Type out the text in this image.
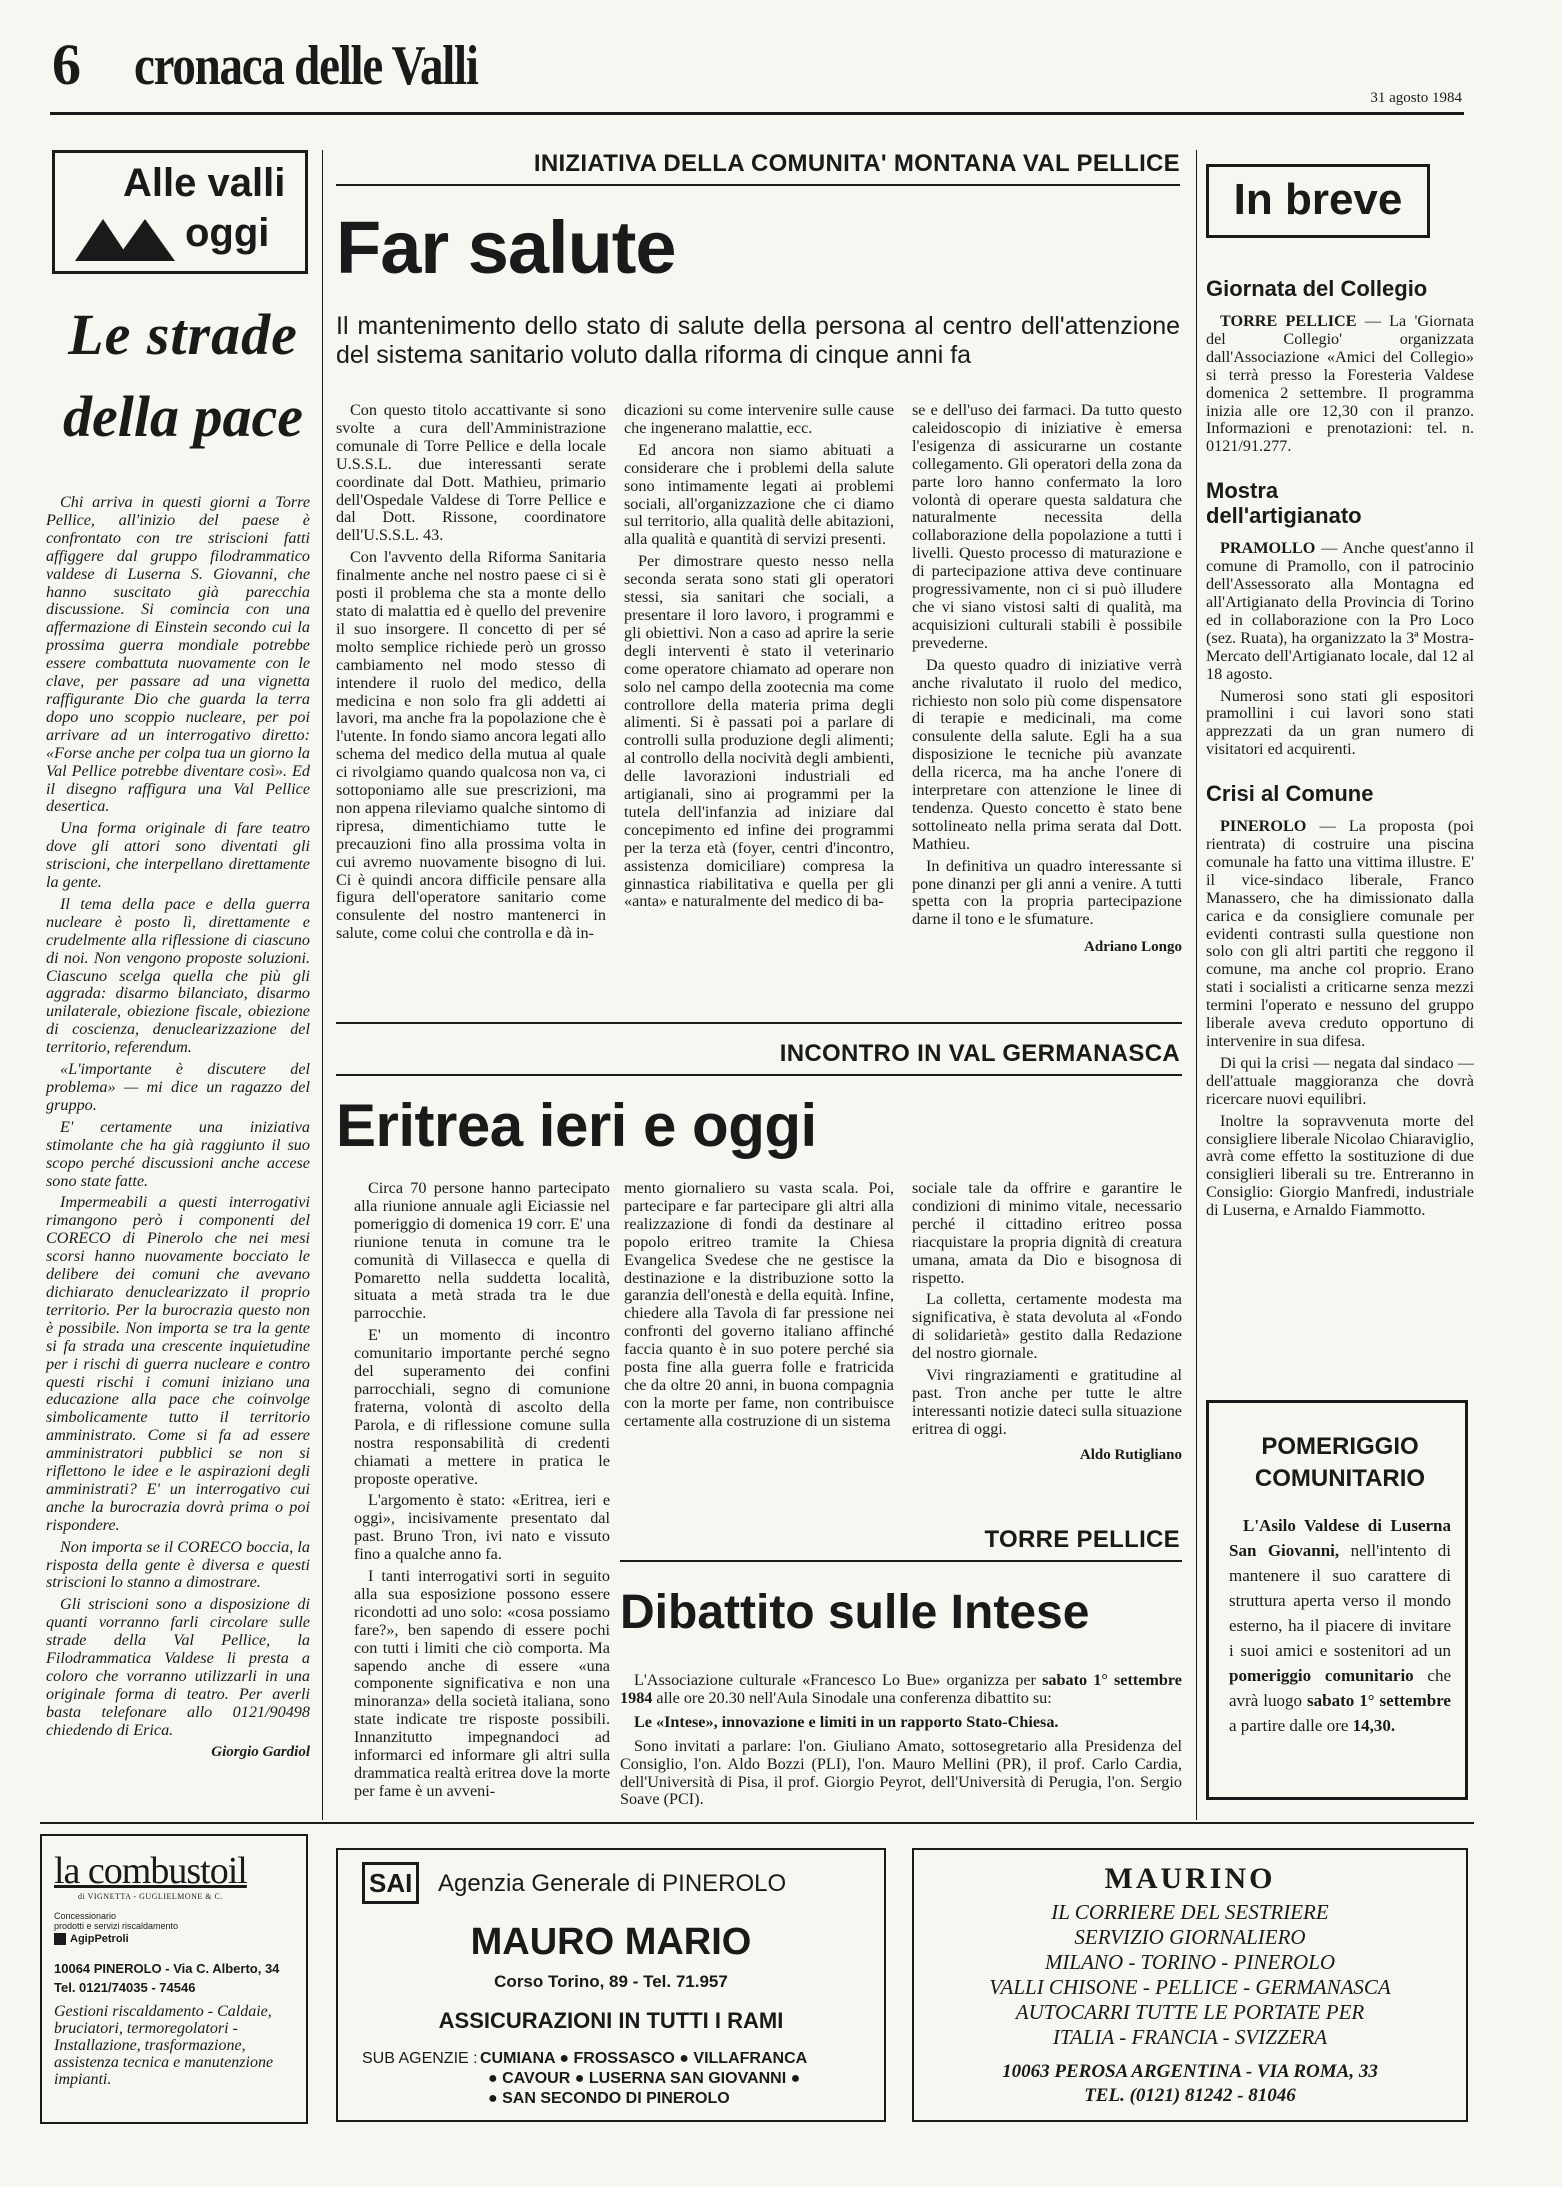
6 cronaca delle Valli
31 agosto 1984
Alle valli
oggi
Le strade
della pace

Chi arriva in questi giorni a Torre Pellice, all'inizio del paese è confrontato con tre striscioni fatti affiggere dal gruppo filodrammatico valdese di Luserna S. Giovanni, che hanno suscitato già parecchia discussione. Si comincia con una affermazione di Einstein secondo cui la prossima guerra mondiale potrebbe essere combattuta nuovamente con le clave, per passare ad una vignetta raffigurante Dio che guarda la terra dopo uno scoppio nucleare, per poi arrivare ad un interrogativo diretto: «Forse anche per colpa tua un giorno la Val Pellice potrebbe diventare così». Ed il disegno raffigura una Val Pellice desertica.

Una forma originale di fare teatro dove gli attori sono diventati gli striscioni, che interpellano direttamente la gente.

Il tema della pace e della guerra nucleare è posto lì, direttamente e crudelmente alla riflessione di ciascuno di noi. Non vengono proposte soluzioni. Ciascuno scelga quella che più gli aggrada: disarmo bilanciato, disarmo unilaterale, obiezione fiscale, obiezione di coscienza, denuclearizzazione del territorio, referendum.

«L'importante è discutere del problema» — mi dice un ragazzo del gruppo.

E' certamente una iniziativa stimolante che ha già raggiunto il suo scopo perché discussioni anche accese sono state fatte.

Impermeabili a questi interrogativi rimangono però i componenti del CORECO di Pinerolo che nei mesi scorsi hanno nuovamente bocciato le delibere dei comuni che avevano dichiarato denuclearizzato il proprio territorio. Per la burocrazia questo non è possibile. Non importa se tra la gente si fa strada una crescente inquietudine per i rischi di guerra nucleare e contro questi rischi i comuni iniziano una educazione alla pace che coinvolge simbolicamente tutto il territorio amministrato. Come si fa ad essere amministratori pubblici se non si riflettono le idee e le aspirazioni degli amministrati? E' un interrogativo cui anche la burocrazia dovrà prima o poi rispondere.

Non importa se il CORECO boccia, la risposta della gente è diversa e questi striscioni lo stanno a dimostrare.

Gli striscioni sono a disposizione di quanti vorranno farli circolare sulle strade della Val Pellice, la Filodrammatica Valdese li presta a coloro che vorranno utilizzarli in una originale forma di teatro. Per averli basta telefonare allo 0121/90498 chiedendo di Erica.

Giorgio Gardiol
INIZIATIVA DELLA COMUNITA' MONTANA VAL PELLICE
Far salute
Il mantenimento dello stato di salute della persona al centro dell'attenzione del sistema sanitario voluto dalla riforma di cinque anni fa

Con questo titolo accattivante si sono svolte a cura dell'Amministrazione comunale di Torre Pellice e della locale U.S.S.L. due interessanti serate coordinate dal Dott. Mathieu, primario dell'Ospedale Valdese di Torre Pellice e dal Dott. Rissone, coordinatore dell'U.S.S.L. 43.

Con l'avvento della Riforma Sanitaria finalmente anche nel nostro paese ci si è posti il problema che sta a monte dello stato di malattia ed è quello del prevenire il suo insorgere. Il concetto di per sé molto semplice richiede però un grosso cambiamento nel modo stesso di intendere il ruolo del medico, della medicina e non solo fra gli addetti ai lavori, ma anche fra la popolazione che è l'utente. In fondo siamo ancora legati allo schema del medico della mutua al quale ci rivolgiamo quando qualcosa non va, ci sottoponiamo alle sue prescrizioni, ma non appena rileviamo qualche sintomo di ripresa, dimentichiamo tutte le precauzioni fino alla prossima volta in cui avremo nuovamente bisogno di lui. Ci è quindi ancora difficile pensare alla figura dell'operatore sanitario come consulente del nostro mantenerci in salute, come colui che controlla e dà in-

dicazioni su come intervenire sulle cause che ingenerano malattie, ecc.

Ed ancora non siamo abituati a considerare che i problemi della salute sono intimamente legati ai problemi sociali, all'organizzazione che ci diamo sul territorio, alla qualità delle abitazioni, alla qualità e quantità di servizi presenti.

Per dimostrare questo nesso nella seconda serata sono stati gli operatori stessi, sia sanitari che sociali, a presentare il loro lavoro, i programmi e gli obiettivi. Non a caso ad aprire la serie degli interventi è stato il veterinario come operatore chiamato ad operare non solo nel campo della zootecnia ma come controllore della materia prima degli alimenti. Si è passati poi a parlare di controlli sulla produzione degli alimenti; al controllo della nocività degli ambienti, delle lavorazioni industriali ed artigianali, sino ai programmi per la tutela dell'infanzia ad iniziare dal concepimento ed infine dei programmi per la terza età (foyer, centri d'incontro, assistenza domiciliare) compresa la ginnastica riabilitativa e quella per gli «anta» e naturalmente del medico di ba-

se e dell'uso dei farmaci. Da tutto questo caleidoscopio di iniziative è emersa l'esigenza di assicurarne un costante collegamento. Gli operatori della zona da parte loro hanno confermato la loro volontà di operare questa saldatura che naturalmente necessita della collaborazione della popolazione a tutti i livelli. Questo processo di maturazione e di partecipazione attiva deve continuare progressivamente, non ci si può illudere che vi siano vistosi salti di qualità, ma acquisizioni culturali stabili è possibile prevederne.

Da questo quadro di iniziative verrà anche rivalutato il ruolo del medico, richiesto non solo più come dispensatore di terapie e medicinali, ma come consulente della salute. Egli ha a sua disposizione le tecniche più avanzate della ricerca, ma ha anche l'onere di interpretare con attenzione le linee di tendenza. Questo concetto è stato bene sottolineato nella prima serata dal Dott. Mathieu.

In definitiva un quadro interessante si pone dinanzi per gli anni a venire. A tutti spetta con la propria partecipazione darne il tono e le sfumature.

Adriano Longo
INCONTRO IN VAL GERMANASCA
Eritrea ieri e oggi

Circa 70 persone hanno partecipato alla riunione annuale agli Eiciassie nel pomeriggio di domenica 19 corr. E' una riunione tenuta in comune tra le comunità di Villasecca e quella di Pomaretto nella suddetta località, situata a metà strada tra le due parrocchie.

E' un momento di incontro comunitario importante perché segno del superamento dei confini parrocchiali, segno di comunione fraterna, volontà di ascolto della Parola, e di riflessione comune sulla nostra responsabilità di credenti chiamati a mettere in pratica le proposte operative.

L'argomento è stato: «Eritrea, ieri e oggi», incisivamente presentato dal past. Bruno Tron, ivi nato e vissuto fino a qualche anno fa.

I tanti interrogativi sorti in seguito alla sua esposizione possono essere ricondotti ad uno solo: «cosa possiamo fare?», ben sapendo di essere pochi con tutti i limiti che ciò comporta. Ma sapendo anche di essere «una componente significativa e non una minoranza» della società italiana, sono state indicate tre risposte possibili. Innanzitutto impegnandoci ad informarci ed informare gli altri sulla drammatica realtà eritrea dove la morte per fame è un avveni-

mento giornaliero su vasta scala. Poi, partecipare e far partecipare gli altri alla realizzazione di fondi da destinare al popolo eritreo tramite la Chiesa Evangelica Svedese che ne gestisce la destinazione e la distribuzione sotto la garanzia dell'onestà e della equità. Infine, chiedere alla Tavola di far pressione nei confronti del governo italiano affinché faccia quanto è in suo potere perché sia posta fine alla guerra folle e fratricida che da oltre 20 anni, in buona compagnia con la morte per fame, non contribuisce certamente alla costruzione di un sistema

sociale tale da offrire e garantire le condizioni di minimo vitale, necessario perché il cittadino eritreo possa riacquistare la propria dignità di creatura umana, amata da Dio e bisognosa di rispetto.

La colletta, certamente modesta ma significativa, è stata devoluta al «Fondo di solidarietà» gestito dalla Redazione del nostro giornale.

Vivi ringraziamenti e gratitudine al past. Tron anche per tutte le altre interessanti notizie dateci sulla situazione eritrea di oggi.

Aldo Rutigliano
TORRE PELLICE
Dibattito sulle Intese

L'Associazione culturale «Francesco Lo Bue» organizza per sabato 1° settembre 1984 alle ore 20.30 nell'Aula Sinodale una conferenza dibattito su:

Le «Intese», innovazione e limiti in un rapporto Stato-Chiesa.

Sono invitati a parlare: l'on. Giuliano Amato, sottosegretario alla Presidenza del Consiglio, l'on. Aldo Bozzi (PLI), l'on. Mauro Mellini (PR), il prof. Carlo Cardia, dell'Università di Pisa, il prof. Giorgio Peyrot, dell'Università di Perugia, l'on. Sergio Soave (PCI).

In breve
Giornata del Collegio

TORRE PELLICE — La 'Giornata del Collegio' organizzata dall'Associazione «Amici del Collegio» si terrà presso la Foresteria Valdese domenica 2 settembre. Il programma inizia alle ore 12,30 con il pranzo. Informazioni e prenotazioni: tel. n. 0121/91.277.

Mostra dell'artigianato

PRAMOLLO — Anche quest'anno il comune di Pramollo, con il patrocinio dell'Assessorato alla Montagna ed all'Artigianato della Provincia di Torino ed in collaborazione con la Pro Loco (sez. Ruata), ha organizzato la 3ª Mostra-Mercato dell'Artigianato locale, dal 12 al 18 agosto.

Numerosi sono stati gli espositori pramollini i cui lavori sono stati apprezzati da un gran numero di visitatori ed acquirenti.

Crisi al Comune

PINEROLO — La proposta (poi rientrata) di costruire una piscina comunale ha fatto una vittima illustre. E' il vice-sindaco liberale, Franco Manassero, che ha dimissionato dalla carica e da consigliere comunale per evidenti contrasti sulla questione non solo con gli altri partiti che reggono il comune, ma anche col proprio. Erano stati i socialisti a criticarne senza mezzi termini l'operato e nessuno del gruppo liberale aveva creduto opportuno di intervenire in sua difesa.

Di qui la crisi — negata dal sindaco — dell'attuale maggioranza che dovrà ricercare nuovi equilibri.

Inoltre la sopravvenuta morte del consigliere liberale Nicolao Chiaraviglio, avrà come effetto la sostituzione di due consiglieri liberali su tre. Entreranno in Consiglio: Giorgio Manfredi, industriale di Luserna, e Arnaldo Fiammotto.

POMERIGGIO
COMUNITARIO

L'Asilo Valdese di Luserna San Giovanni, nell'intento di mantenere il suo carattere di struttura aperta verso il mondo esterno, ha il piacere di invitare i suoi amici e sostenitori ad un pomeriggio comunitario che avrà luogo sabato 1° settembre a partire dalle ore 14,30.

la combustoil
di VIGNETTA - GUGLIELMONE & C.
Concessionario
prodotti e servizi riscaldamento
AgipPetroli
10064 PINEROLO - Via C. Alberto, 34
Tel. 0121/74035 - 74546
Gestioni riscaldamento - Caldaie, bruciatori, termoregolatori - Installazione, trasformazione, assistenza tecnica e manutenzione impianti.
SAI Agenzia Generale di PINEROLO
MAURO MARIO
Corso Torino, 89 - Tel. 71.957
ASSICURAZIONI IN TUTTI I RAMI
SUB AGENZIE : CUMIANA ● FROSSASCO ● VILLAFRANCA
● CAVOUR ● LUSERNA SAN GIOVANNI ●
● SAN SECONDO DI PINEROLO
MAURINO
IL CORRIERE DEL SESTRIERE
SERVIZIO GIORNALIERO
MILANO - TORINO - PINEROLO
VALLI CHISONE - PELLICE - GERMANASCA
AUTOCARRI TUTTE LE PORTATE PER
ITALIA - FRANCIA - SVIZZERA
10063 PEROSA ARGENTINA - VIA ROMA, 33
TEL. (0121) 81242 - 81046
